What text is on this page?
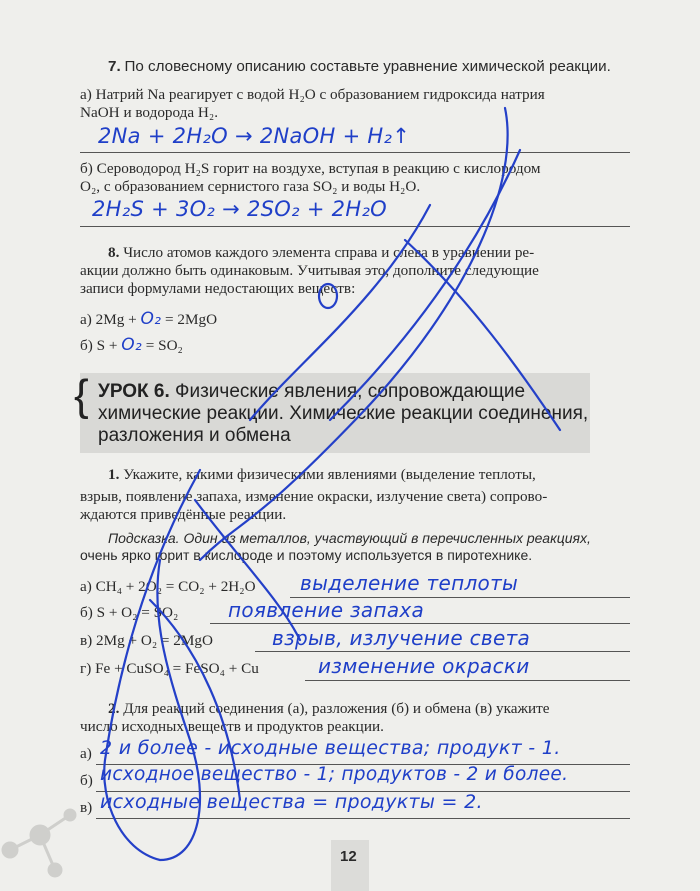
7. По словесному описанию составьте уравнение химической реакции.
а) Натрий Na реагирует с водой H₂O с образованием гидроксида натрия
NaOH и водорода H₂.
2Na + 2H₂O → 2NaOH + H₂↑
б) Сероводород H₂S горит на воздухе, вступая в реакцию с кислородом
O₂, с образованием сернистого газа SO₂ и воды H₂O.
2H₂S + 3O₂ → 2SO₂ + 2H₂O
8. Число атомов каждого элемента справа и слева в уравнении ре-
акции должно быть одинаковым. Учитывая это, дополните следующие
записи формулами недостающих веществ:
а) 2Mg + O₂ = 2MgO
б) S + O₂ = SO₂
{ УРОК 6. Физические явления, сопровождающие
химические реакции. Химические реакции соединения,
разложения и обмена
1. Укажите, какими физическими явлениями (выделение теплоты,
взрыв, появление запаха, изменение окраски, излучение света) сопрово-
ждаются приведённые реакции.
Подсказка. Один из металлов, участвующий в перечисленных реакциях,
очень ярко горит в кислороде и поэтому используется в пиротехнике.
а) CH₄ + 2O₂ = CO₂ + 2H₂O выделение теплоты
б) S + O₂ = SO₂ появление запаха
в) 2Mg + O₂ = 2MgO	взрыв, излучение света
г) Fe + CuSO₄ = FeSO₄ + Cu	изменение окраски
2. Для реакций соединения (а), разложения (б) и обмена (в) укажите
число исходных веществ и продуктов реакции.
а) 2 и более - исходные вещества; продукт - 1.
б) исходное вещество - 1; продуктов - 2 и более.
в) исходные вещества = продукты = 2.
12
